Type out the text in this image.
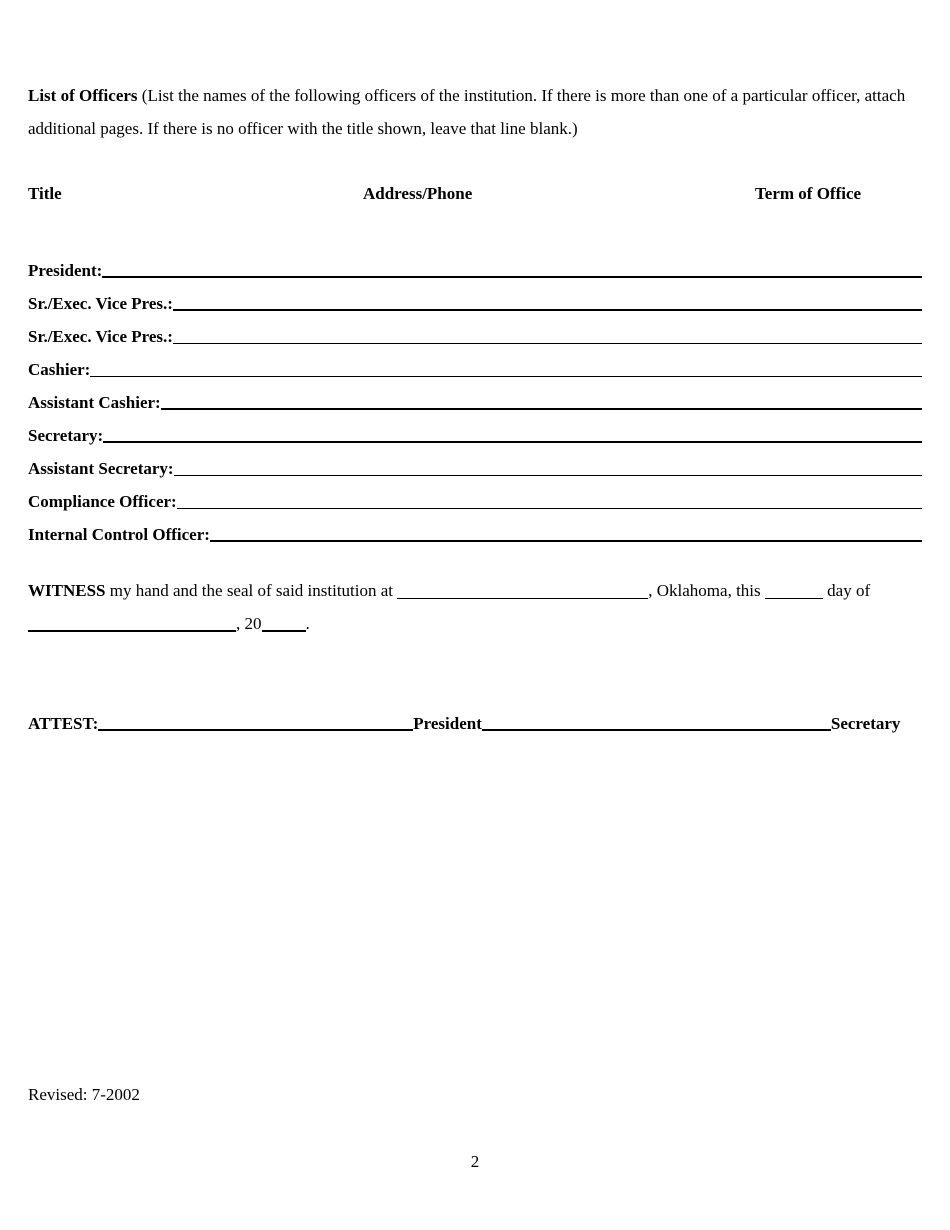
List of Officers (List the names of the following officers of the institution. If there is more than one of a particular officer, attach additional pages. If there is no officer with the title shown, leave that line blank.)
Title	Address/Phone	Term of Office
President:
Sr./Exec. Vice Pres.:
Sr./Exec. Vice Pres.:
Cashier:
Assistant Cashier:
Secretary:
Assistant Secretary:
Compliance Officer:
Internal Control Officer:
WITNESS my hand and the seal of said institution at	, Oklahoma, this	day of
, 20	.
ATTEST:	President	Secretary
Revised: 7-2002
2
